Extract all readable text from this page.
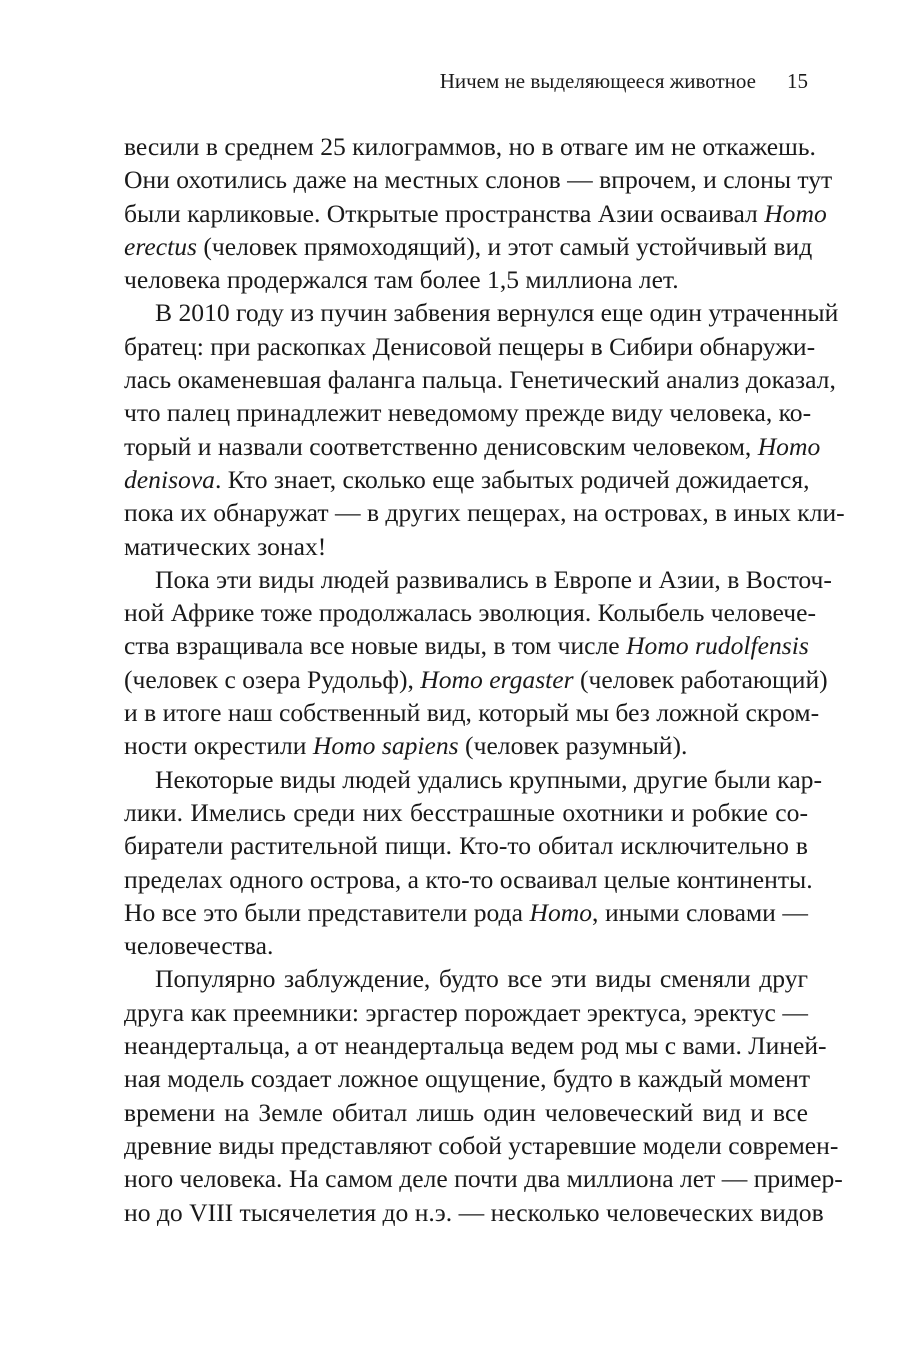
Ничем не выделяющееся животное 15
весили в среднем 25 килограммов, но в отваге им не откажешь.
Они охотились даже на местных слонов — впрочем, и слоны тут
были карликовые. Открытые пространства Азии осваивал Homo
erectus (человек прямоходящий), и этот самый устойчивый вид
человека продержался там более 1,5 миллиона лет.
В 2010 году из пучин забвения вернулся еще один утраченный
братец: при раскопках Денисовой пещеры в Сибири обнаружи-
лась окаменевшая фаланга пальца. Генетический анализ доказал,
что палец принадлежит неведомому прежде виду человека, ко-
торый и назвали соответственно денисовским человеком, Homo
denisova. Кто знает, сколько еще забытых родичей дожидается,
пока их обнаружат — в других пещерах, на островах, в иных кли-
матических зонах!
Пока эти виды людей развивались в Европе и Азии, в Восточ-
ной Африке тоже продолжалась эволюция. Колыбель человече-
ства взращивала все новые виды, в том числе Homo rudolfensis
(человек с озера Рудольф), Homo ergaster (человек работающий)
и в итоге наш собственный вид, который мы без ложной скром-
ности окрестили Homo sapiens (человек разумный).
Некоторые виды людей удались крупными, другие были кар-
лики. Имелись среди них бесстрашные охотники и робкие со-
биратели растительной пищи. Кто-то обитал исключительно в
пределах одного острова, а кто-то осваивал целые континенты.
Но все это были представители рода Homo, иными словами —
человечества.
Популярно заблуждение, будто все эти виды сменяли друг
друга как преемники: эргастер порождает эректуса, эректус —
неандертальца, а от неандертальца ведем род мы с вами. Линей-
ная модель создает ложное ощущение, будто в каждый момент
времени на Земле обитал лишь один человеческий вид и все
древние виды представляют собой устаревшие модели современ-
ного человека. На самом деле почти два миллиона лет — пример-
но до VIII тысячелетия до н.э. — несколько человеческих видов
